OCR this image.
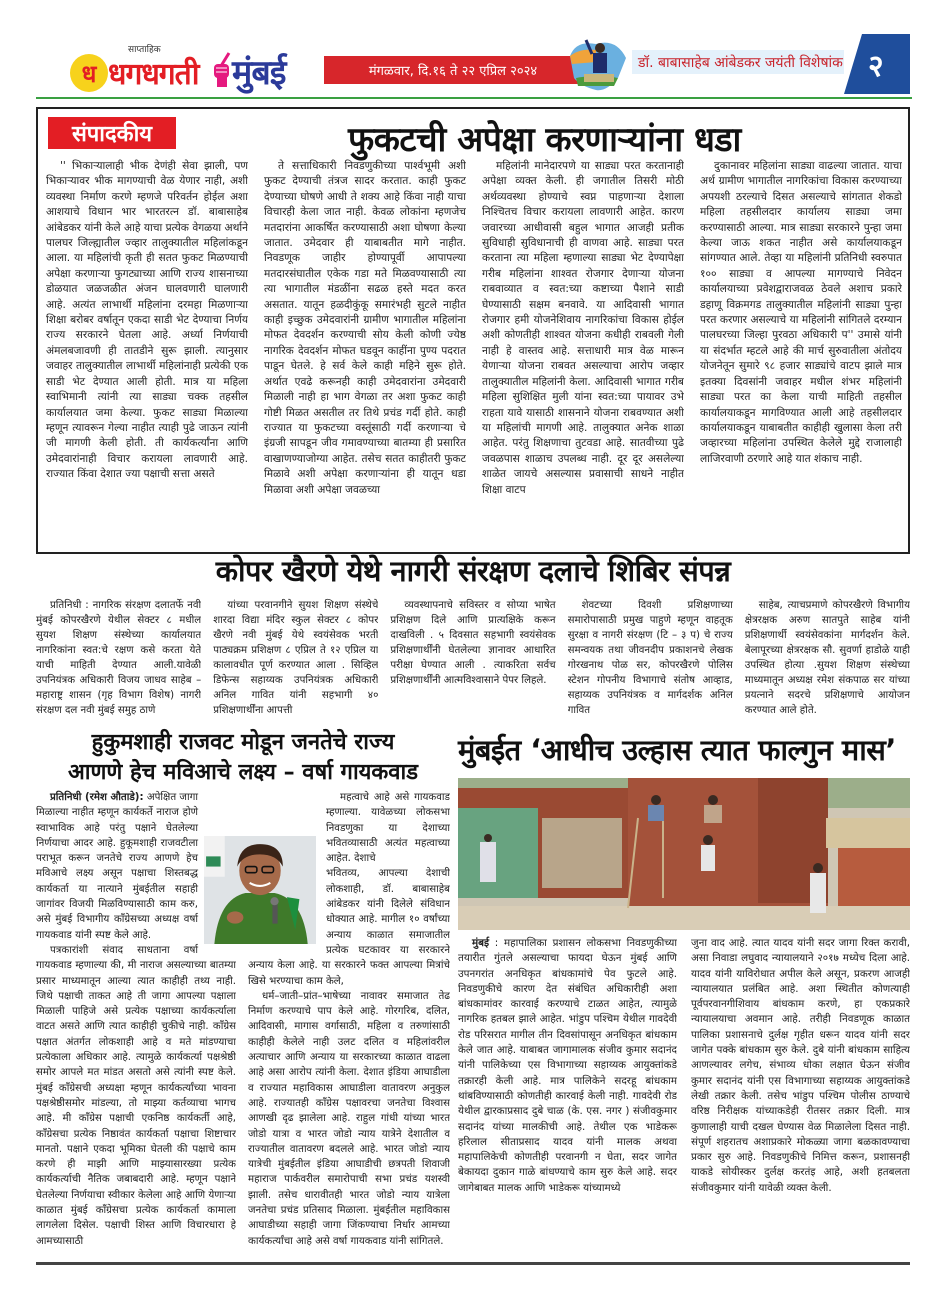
साप्ताहिक
ध धगधगती मुंबई	मंगळवार, दि.१६ ते २२ एप्रिल २०२४
डॉ. बाबासाहेब आंबेडकर जयंती विशेषांक २
संपादकीय	फुकटची अपेक्षा करणाऱ्यांना धडा

'' भिकाऱ्यालाही भीक देणंही सेवा झाली, पण भिकाऱ्यावर भीक मागण्याची वेळ येणार नाही, अशी व्यवस्था निर्माण करणे म्हणजे परिवर्तन होईल अशा आशयाचे विधान भार भारतरत्न डॉ. बाबासाहेब आंबेडकर यांनी केले आहे याचा प्रत्येक वेगळया अर्थाने पालघर जिल्ह्यातील ज्व्हार तालुक्यातील महिलांकडून आला. या महिलांची कृती ही सतत फुकट मिळण्याची अपेक्षा करणाऱ्या फुगट्याच्या आणि राज्य शासनाच्या डोळयात जळजळीत अंजन घालवणारी घालणारी आहे. अत्यंत लाभार्थी महिलांना दरमहा मिळणाऱ्या शिक्षा बरोबर वर्षातून एकदा साडी भेट देण्याचा निर्णय राज्य सरकारने घेतला आहे. अर्ध्या निर्णयाची अंमलबजावणी ही तातडीने सुरू झाली. त्यानुसार जवाहर तालुक्यातील लाभार्थी महिलांनाही प्रत्येकी एक साडी भेट देण्यात आली होती. मात्र या महिला स्वाभिमानी त्यांनी त्या साड्या चक्क तहसील कार्यालयात जमा केल्या. फुकट साड्या मिळाल्या म्हणून त्यावरून गेल्या नाहीत त्याही पुढे जाऊन त्यांनी जी मागणी केली होती. ती कार्यकर्त्यांना आणि उमेदवारांनाही विचार करायला लावणारी आहे. राज्यात किंवा देशात ज्या पक्षाची सत्ता असते

ते सत्ताधिकारी निवडणुकीच्या पार्श्वभूमी अशी फुकट देण्याची तंत्रज सादर करतात. काही फुकट देण्याच्या घोषणे आधी ते शक्य आहे किंवा नाही याचा विचारही केला जात नाही. केवळ लोकांना म्हणजेच मतदारांना आकर्षित करण्यासाठी अशा घोषणा केल्या जातात. उमेदवार ही याबाबतीत मागे नाहीत. निवडणूक जाहीर होण्यापूर्वी आपापल्या मतदारसंघातील एकेक गडा मते मिळवण्यासाठी त्या त्या भागातील मंडळींना सढळ हस्ते मदत करत असतात. यातून हळदीकुंकू समारंभही सुटले नाहीत काही इच्छुक उमेदवारांनी ग्रामीण भागातील महिलांना मोफत देवदर्शन करण्याची सोय केली कोणी ज्येष्ठ नागरिक देवदर्शन मोफत घडवून काहींना पुण्य पदरात पाडून घेतले. हे सर्व केले काही महिने सुरू होते. अर्थात एवढे करूनही काही उमेदवारांना उमेदवारी मिळाली नाही हा भाग वेगळा तर अशा फुकट काही गोष्टी मिळत असतील तर तिथे प्रचंड गर्दी होते. काही राज्यात या फुकटच्या वस्तूंसाठी गर्दी करणाऱ्या चे इंग्रजी सापडून जीव गमावण्याच्या बातम्या ही प्रसारित वाखाणण्याजोग्या आहेत. तसेच सतत काहीतरी फुकट मिळावे अशी अपेक्षा करणाऱ्यांना ही यातून धडा मिळावा अशी अपेक्षा जवळच्या

महिलांनी मानेदारपणे या साड्या परत करतानाही अपेक्षा व्यक्त केली. ही जगातील तिसरी मोठी अर्थव्यवस्था होण्याचे स्वप्न पाहणाऱ्या देशाला निश्चितच विचार करायला लावणारी आहेत. कारण जवारच्या आधीवासी बहुल भागात आजही प्रतीक सुविधाही सुविधानाची ही वाणवा आहे. साड्या परत करताना त्या महिला म्हणाल्या साड्या भेट देण्यापेक्षा गरीब महिलांना शाश्वत रोजगार देणाऱ्या योजना राबवाव्यात व स्वत:च्या कष्टाच्या पैशाने साडी घेण्यासाठी सक्षम बनवावे. या आदिवासी भागात रोजगार हमी योजनेशिवाय नागरिकांचा विकास होईल अशी कोणतीही शाश्वत योजना कधीही राबवली गेली नाही हे वास्तव आहे. सत्ताधारी मात्र वेळ मारून येणाऱ्या योजना राबवत असल्याचा आरोप जव्हार तालुक्यातील महिलांनी केला. आदिवासी भागात गरीब महिला सुशिक्षित मुली यांना स्वत:च्या पायावर उभे राहता यावे यासाठी शासनाने योजना राबवण्यात अशी या महिलांची मागणी आहे. तालुक्यात अनेक शाळा आहेत. परंतु शिक्षणाचा तुटवडा आहे. सातवीच्या पुढे जवळपास शाळाच उपलब्ध नाही. दूर दूर असलेल्या शाळेत जायचे असल्यास प्रवासाची साधने नाहीत शिक्षा वाटप

दुकानावर महिलांना साड्या वाढल्या जातात. याचा अर्थ ग्रामीण भागातील नागरिकांचा विकास करण्याच्या अपयशी ठरल्याचे दिसत असल्याचे सांगतात शेकडो महिला तहसीलदार कार्यालय साड्या जमा करण्यासाठी आल्या. मात्र साड्या सरकारने पुन्हा जमा केल्या जाऊ शकत नाहीत असे कार्यालयाकडून सांगण्यात आले. तेव्हा या महिलांनी प्रतिनिधी स्वरुपात १०० साड्या व आपल्या मागण्याचे निवेदन कार्यालयाच्या प्रवेशद्वाराजवळ ठेवले अशाच प्रकारे डहाणू विक्रमगड तालुक्यातील महिलांनी साड्या पुन्हा परत करणार असल्याचे या महिलांनी सांगितले दरम्यान पालघरच्या जिल्हा पुरवठा अधिकारी प'' उमासे यांनी या संदर्भात म्हटले आहे की मार्च सुरुवातीला अंतोदय योजनेतून सुमारे ९८ हजार साड्यांचे वाटप झाले मात्र इतक्या दिवसांनी जवाहर मधील शंभर महिलांनी साड्या परत का केला याची माहिती तहसील कार्यालयाकडून मागविण्यात आली आहे तहसीलदार कार्यालयाकडून याबाबतीत काहीही खुलासा केला तरी जव्हारच्या महिलांना उपस्थित केलेले मुद्दे राजालाही लाजिरवाणी ठरणारे आहे यात शंकाच नाही.

कोपर खैरणे येथे नागरी संरक्षण दलाचे शिबिर संपन्न

प्रतिनिधी : नागरिक संरक्षण दलातर्फे नवी मुंबई कोपरखैरणे येथील सेक्टर ८ मधील सुयश शिक्षण संस्थेच्या कार्यालयात नागरिकांना स्वत:चे रक्षण कसे करता येते याची माहिती देण्यात आली.यावेळी उपनियंत्रक अधिकारी विजय जाधव साहेब – महाराष्ट्र शासन (गृह विभाग विशेष) नागरी संरक्षण दल नवी मुंबई समुह ठाणे

यांच्या परवानगीने सुयश शिक्षण संस्थेचे शारदा विद्या मंदिर स्कुल सेक्टर ८ कोपर खैरणे नवी मुंबई येथे स्वयंसेवक भरती पाठ्यक्रम प्रशिक्षण ८ एप्रिल ते १२ एप्रिल या कालावधीत पूर्ण करण्यात आला . सिव्हिल डिफेन्स सहाय्यक उपनियंत्रक अधिकारी अनिल गावित यांनी सहभागी ४० प्रशिक्षणार्थींना आपत्ती

व्यवस्थापनाचे सविस्तर व सोप्या भाषेत प्रशिक्षण दिले आणि प्रात्यक्षिके करून दाखविली . ५ दिवसात सहभागी स्वयंसेवक प्रशिक्षणार्थींनी घेतलेल्या ज्ञानावर आधारित परीक्षा घेण्यात आली . त्याकरिता सर्वच प्रशिक्षणार्थींनी आत्मविश्वासाने पेपर लिहले.

शेवटच्या दिवशी प्रशिक्षणाच्या समारोपासाठी प्रमुख पाहुणे म्हणून वाहतूक सुरक्षा व नागरी संरक्षण (टि – ३ प) चे राज्य समन्वयक तथा जीवनदीप प्रकाशनचे लेखक गोरखनाथ पोळ सर, कोपरखैरणे पोलिस स्टेशन गोपनीय विभागाचे संतोष आव्हाड, सहाय्यक उपनियंत्रक व मार्गदर्शक अनिल गावित

साहेब, त्याचप्रमाणे कोपरखैरणे विभागीय क्षेत्ररक्षक अरुण सातपुते साहेब यांनी प्रशिक्षणार्थी स्वयंसेवकांना मार्गदर्शन केले. बेलापूरच्या क्षेत्ररक्षक सौ. सुवर्णा हाडोळे याही उपस्थित होत्या .सुयश शिक्षण संस्थेच्या माध्यमातून अध्यक्ष रमेश संकपाळ सर यांच्या प्रयत्नाने सदरचे प्रशिक्षणाचे आयोजन करण्यात आले होते.

हुकुमशाही राजवट मोडून जनतेचे राज्य
आणणे हेच मविआचे लक्ष्य – वर्षा गायकवाड

प्रतिनिधी (रमेश औताडे): अपेक्षित जागा मिळाल्या नाहीत म्हणून कार्यकर्ते नाराज होणे स्वाभाविक आहे परंतु पक्षाने घेतलेल्या निर्णयाचा आदर आहे. हुकूमशाही राजवटीला पराभूत करून जनतेचे राज्य आणणे हेच मविआचे लक्ष्य असून पक्षाचा शिस्तबद्ध कार्यकर्ता या नात्याने मुंबईतील सहाही जागांवर विजयी मिळविण्यासाठी काम करु, असे मुंबई विभागीय कॉंग्रेसच्या अध्यक्ष वर्षा गायकवाड यांनी स्पष्ट केले आहे.

पत्रकारांशी संवाद साधताना वर्षा गायकवाड म्हणाल्या की, मी नाराज असल्याच्या बातम्या प्रसार माध्यमातून आल्या त्यात काहीही तथ्य नाही. जिथे पक्षाची ताकत आहे ती जागा आपल्या पक्षाला मिळाली पाहिजे असे प्रत्येक पक्षाच्या कार्यकर्त्याला वाटत असते आणि त्यात काहीही चुकीचे नाही. कॉंग्रेस पक्षात अंतर्गत लोकशाही आहे व मते मांडण्याचा प्रत्येकाला अधिकार आहे. त्यामुळे कार्यकर्त्या पक्षश्रेष्ठी समोर आपले मत मांडत असतो असे त्यांनी स्पष्ट केले. मुंबई कॉंग्रेसची अध्यक्षा म्हणून कार्यकर्त्यांच्या भावना पक्षश्रेष्ठीसमोर मांडल्या, तो माझ्या कर्तव्याचा भागच आहे. मी कॉंग्रेस पक्षाची एकनिष्ठ कार्यकर्ती आहे, कॉंग्रेसचा प्रत्येक निष्ठावंत कार्यकर्ता पक्षाचा शिष्टाचार मानतो. पक्षाने एकदा भूमिका घेतली की पक्षाचे काम करणे ही माझी आणि माझ्यासारख्या प्रत्येक कार्यकर्त्याची नैतिक जबाबदारी आहे. म्हणून पक्षाने घेतलेल्या निर्णयाचा स्वीकार केलेला आहे आणि येणाऱ्या काळात मुंबई कॉंग्रेसचा प्रत्येक कार्यकर्ता कामाला लागलेला दिसेल. पक्षाची शिस्त आणि विचारधारा हे आमच्यासाठी

महत्वाचे आहे असे गायकवाड म्हणाल्या. यावेळच्या लोकसभा निवडणुका या देशाच्या भवितव्यासाठी अत्यंत महत्वाच्या आहेत. देशाचे

भवितव्य, आपल्या देशाची लोकशाही, डॉ. बाबासाहेब आंबेडकर यांनी दिलेले संविधान धोक्यात आहे. मागील १० वर्षांच्या अन्याय काळात समाजातील प्रत्येक घटकावर या सरकारने अन्याय केला आहे. या सरकारने फक्त आपल्या मित्रांचे खिसे भरण्याचा काम केले,

धर्म–जाती–प्रांत–भाषेच्या नावावर समाजात तेढ निर्माण करण्याचे पाप केले आहे. गोरगरिब, दलित, आदिवासी, मागास वर्गासाठी, महिला व तरुणांसाठी काहीही केलेले नाही उलट दलित व महिलांवरील अत्याचार आणि अन्याय या सरकारच्या काळात वाढला आहे असा आरोप त्यांनी केला. देशात इंडिया आघाडीला व राज्यात महाविकास आघाडीला वातावरण अनुकुल आहे. राज्यातही कॉंग्रेस पक्षावरचा जनतेचा विश्वास आणखी दृढ झालेला आहे. राहुल गांधी यांच्या भारत जोडो यात्रा व भारत जोडो न्याय यात्रेने देशातील व राज्यातील वातावरण बदलले आहे. भारत जोडो न्याय यात्रेची मुंबईतील इंडिया आघाडीची छत्रपती शिवाजी महाराज पार्कवरील समारोपाची सभा प्रचंड यशस्वी झाली. तसेच धारावीतही भारत जोडो न्याय यात्रेला जनतेचा प्रचंड प्रतिसाद मिळाला. मुंबईतील महाविकास आघाडीच्या सहाही जागा जिंकण्याचा निर्धार आमच्या कार्यकर्त्यांचा आहे असे वर्षा गायकवाड यांनी सांगितले.

मुंबईत ‘आधीच उल्हास त्यात फाल्गुन मास’

मुंबई : महापालिका प्रशासन लोकसभा निवडणुकीच्या तयारीत गुंतले असल्याचा फायदा घेऊन मुंबई आणि उपनगरांत अनधिकृत बांधकामांचे पेव फुटले आहे. निवडणुकीचे कारण देत संबंधित अधिकारीही अशा बांधकामांवर कारवाई करण्याचे टाळत आहेत, त्यामुळे नागरिक हतबल झाले आहेत. भांडुप पश्चिम येथील गावदेवी रोड परिसरात मागील तीन दिवसांपासून अनधिकृत बांधकाम केले जात आहे. याबाबत जागामालक संजीव कुमार सदानंद यांनी पालिकेच्या एस विभागाच्या सहाय्यक आयुक्तांकडे तक्रारही केली आहे. मात्र पालिकेने सदरहू बांधकाम थांबविण्यासाठी कोणतीही कारवाई केली नाही. गावदेवी रोड येथील द्वारकाप्रसाद दुबे चाळ (के. एस. नगर ) संजीवकुमार सदानंद यांच्या मालकीची आहे. तेथील एक भाडेकरू हरिलाल सीताप्रसाद यादव यांनी मालक अथवा महापालिकेची कोणतीही परवानगी न घेता, सदर जागेत बेकायदा दुकान गाळे बांधण्याचे काम सुरु केले आहे. सदर जागेबाबत मालक आणि भाडेकरू यांच्यामध्ये

जुना वाद आहे. त्यात यादव यांनी सदर जागा रिक्त करावी, असा निवाडा लघुवाद न्यायालयाने २०१७ मध्येच दिला आहे. यादव यांनी याविरोधात अपील केले असून, प्रकरण आजही न्यायालयात प्रलंबित आहे. अशा स्थितीत कोणत्याही पूर्वपरवानगीशिवाय बांधकाम करणे, हा एकप्रकारे न्यायालयाचा अवमान आहे. तरीही निवडणूक काळात पालिका प्रशासनाचे दुर्लक्ष गृहीत धरून यादव यांनी सदर जागेत पक्के बांधकाम सुरु केले. दुबे यांनी बांधकाम साहित्य आणल्यावर लगेच, संभाव्य धोका लक्षात घेऊन संजीव कुमार सदानंद यांनी एस विभागाच्या सहाय्यक आयुक्तांकडे लेखी तक्रार केली. तसेच भांडुप पश्चिम पोलीस ठाण्याचे वरिष्ठ निरीक्षक यांच्याकडेही रीतसर तक्रार दिली. मात्र कुणालाही याची दखल घेण्यास वेळ मिळालेला दिसत नाही. संपूर्ण शहरातच अशाप्रकारे मोकळ्या जागा बळकावण्याचा प्रकार सुरु आहे. निवडणुकीचे निमित्त करून, प्रशासनही याकडे सोयीस्कर दुर्लक्ष करतंइ आहे, अशी हतबलता संजीवकुमार यांनी यावेळी व्यक्त केली.
